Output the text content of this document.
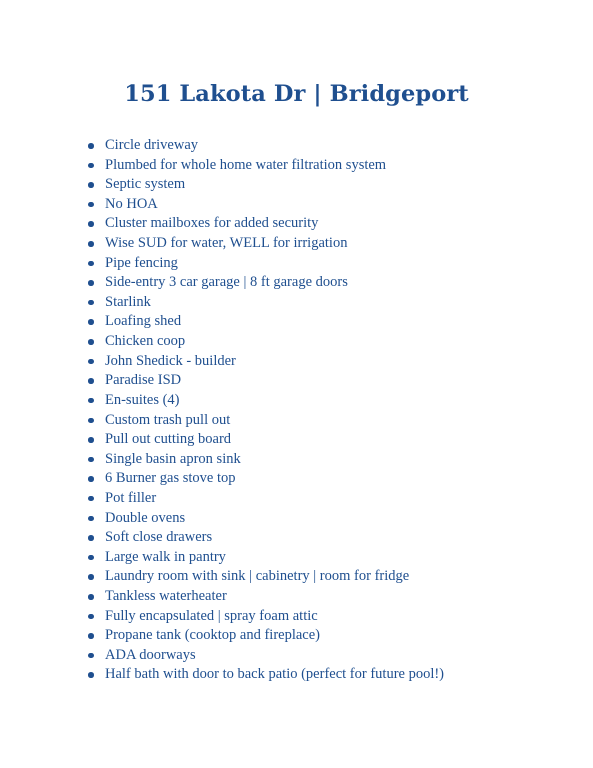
151 Lakota Dr | Bridgeport
Circle driveway
Plumbed for whole home water filtration system
Septic system
No HOA
Cluster mailboxes for added security
Wise SUD for water, WELL for irrigation
Pipe fencing
Side-entry 3 car garage | 8 ft garage doors
Starlink
Loafing shed
Chicken coop
John Shedick - builder
Paradise ISD
En-suites (4)
Custom trash pull out
Pull out cutting board
Single basin apron sink
6 Burner gas stove top
Pot filler
Double ovens
Soft close drawers
Large walk in pantry
Laundry room with sink | cabinetry | room for fridge
Tankless waterheater
Fully encapsulated | spray foam attic
Propane tank (cooktop and fireplace)
ADA doorways
Half bath with door to back patio (perfect for future pool!)
